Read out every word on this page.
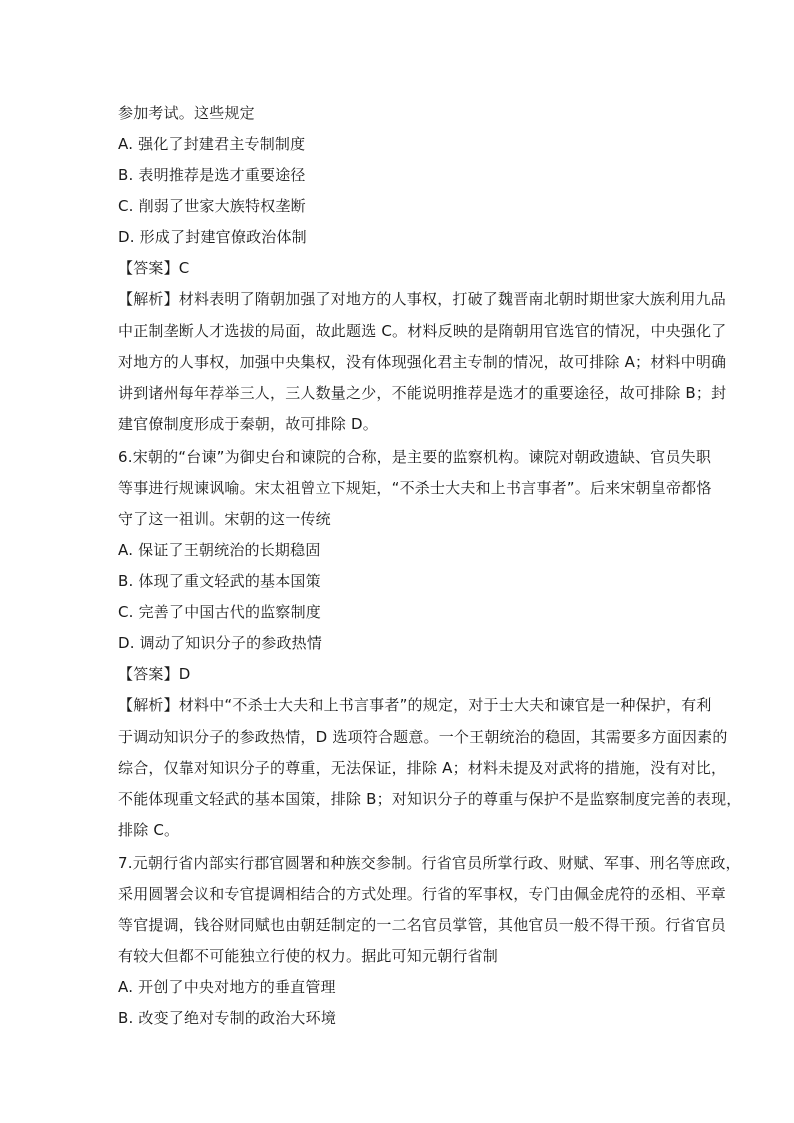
参加考试。这些规定
A. 强化了封建君主专制制度
B. 表明推荐是选才重要途径
C. 削弱了世家大族特权垄断
D. 形成了封建官僚政治体制
【答案】C
【解析】材料表明了隋朝加强了对地方的人事权，打破了魏晋南北朝时期世家大族利用九品
中正制垄断人才选拔的局面，故此题选 C。材料反映的是隋朝用官选官的情况，中央强化了
对地方的人事权，加强中央集权，没有体现强化君主专制的情况，故可排除 A；材料中明确
讲到诸州每年荐举三人，三人数量之少，不能说明推荐是选才的重要途径，故可排除 B；封
建官僚制度形成于秦朝，故可排除 D。
6.宋朝的“台谏”为御史台和谏院的合称，是主要的监察机构。谏院对朝政遗缺、官员失职
等事进行规谏讽喻。宋太祖曾立下规矩，“不杀士大夫和上书言事者”。后来宋朝皇帝都恪
守了这一祖训。宋朝的这一传统
A. 保证了王朝统治的长期稳固
B. 体现了重文轻武的基本国策
C. 完善了中国古代的监察制度
D. 调动了知识分子的参政热情
【答案】D
【解析】材料中“不杀士大夫和上书言事者”的规定，对于士大夫和谏官是一种保护，有利
于调动知识分子的参政热情，D 选项符合题意。一个王朝统治的稳固，其需要多方面因素的
综合，仅靠对知识分子的尊重，无法保证，排除 A；材料未提及对武将的措施，没有对比，
不能体现重文轻武的基本国策，排除 B；对知识分子的尊重与保护不是监察制度完善的表现，
排除 C。
7.元朝行省内部实行郡官圆署和种族交参制。行省官员所掌行政、财赋、军事、刑名等庶政，
采用圆署会议和专官提调相结合的方式处理。行省的军事权，专门由佩金虎符的丞相、平章
等官提调，钱谷财同赋也由朝廷制定的一二名官员掌管，其他官员一般不得干预。行省官员
有较大但都不可能独立行使的权力。据此可知元朝行省制
A. 开创了中央对地方的垂直管理
B. 改变了绝对专制的政治大环境
